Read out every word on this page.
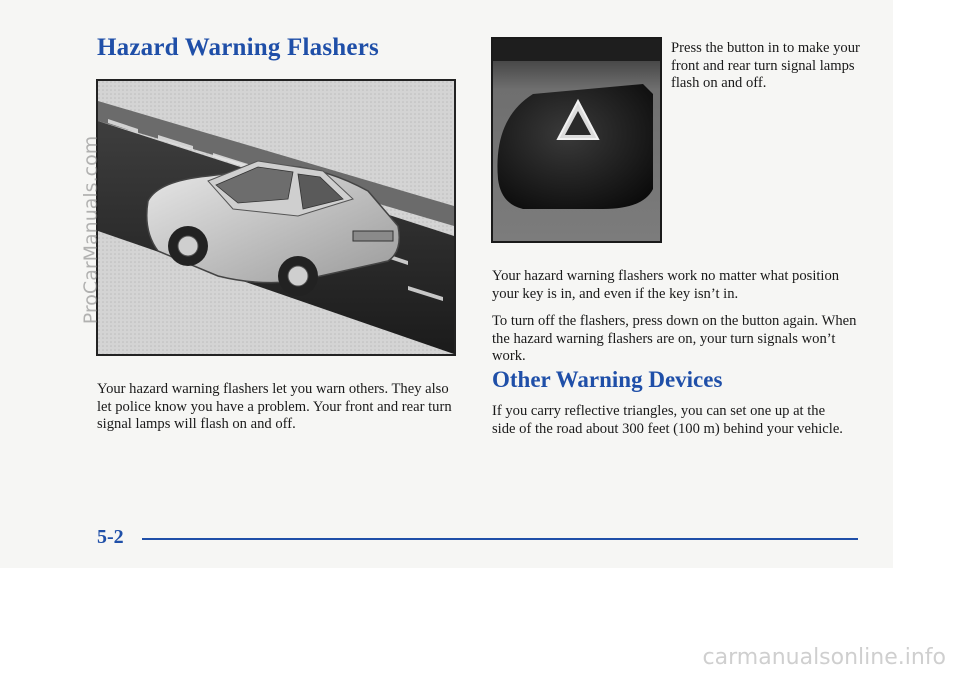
Hazard Warning Flashers	Press the button in to make your front and rear turn signal lamps flash on and off.

Your hazard warning flashers work no matter what position your key is in, and even if the key isn’t in.

To turn off the flashers, press down on the button again. When the hazard warning flashers are on, your turn signals won’t work.

Your hazard warning flashers let you warn others. They also let police know you have a problem. Your front and rear turn signal lamps will flash on and off.

Other Warning Devices

If you carry reflective triangles, you can set one up at the side of the road about 300 feet (100 m) behind your vehicle.

5-2
ProCarManuals.com
carmanualsonline.info
